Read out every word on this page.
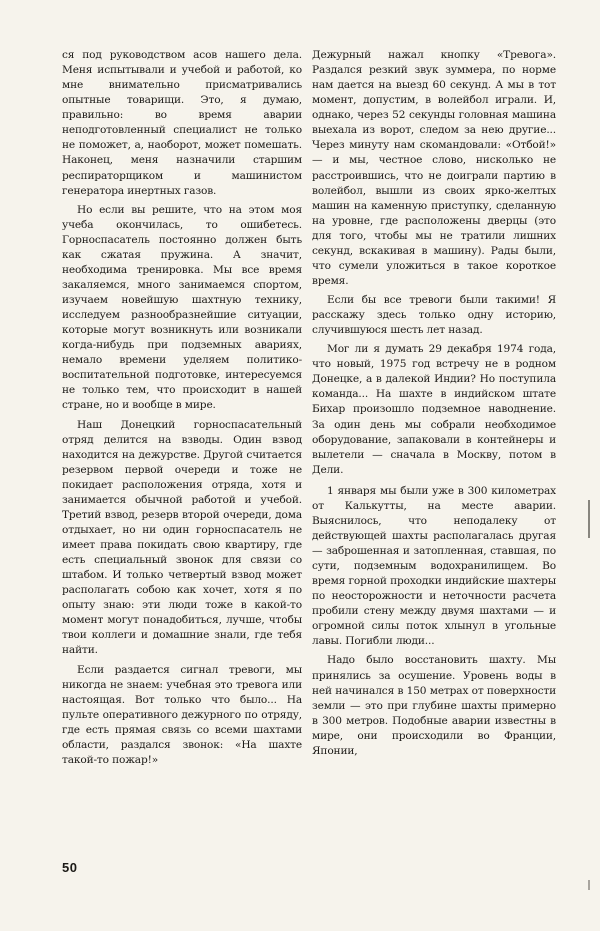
ся под руководством асов нашего дела. Меня испытывали и учебой и работой, ко мне внимательно присматривались опытные товарищи. Это, я думаю, правильно: во время аварии неподготовленный специалист не только не поможет, а, наоборот, может помешать. Наконец, меня назначили старшим респираторщиком и машинистом генератора инертных газов.

Но если вы решите, что на этом моя учеба окончилась, то ошибетесь. Горноспасатель постоянно должен быть как сжатая пружина. А значит, необходима тренировка. Мы все время закаляемся, много занимаемся спортом, изучаем новейшую шахтную технику, исследуем разнообразнейшие ситуации, которые могут возникнуть или возникали когда-нибудь при подземных авариях, немало времени уделяем политико-воспитательной подготовке, интересуемся не только тем, что происходит в нашей стране, но и вообще в мире.

Наш Донецкий горноспасательный отряд делится на взводы. Один взвод находится на дежурстве. Другой считается резервом первой очереди и тоже не покидает расположения отряда, хотя и занимается обычной работой и учебой. Третий взвод, резерв второй очереди, дома отдыхает, но ни один горноспасатель не имеет права покидать свою квартиру, где есть специальный звонок для связи со штабом. И только четвертый взвод может располагать собою как хочет, хотя я по опыту знаю: эти люди тоже в какой-то момент могут понадобиться, лучше, чтобы твои коллеги и домашние знали, где тебя найти.

Если раздается сигнал тревоги, мы никогда не знаем: учебная это тревога или настоящая. Вот только что было... На пульте оперативного дежурного по отряду, где есть прямая связь со всеми шахтами области, раздался звонок: «На шахте такой-то пожар!»

Дежурный нажал кнопку «Тревога». Раздался резкий звук зуммера, по норме нам дается на выезд 60 секунд. А мы в тот момент, допустим, в волейбол играли. И, однако, через 52 секунды головная машина выехала из ворот, следом за нею другие... Через минуту нам скомандовали: «Отбой!» — и мы, честное слово, нисколько не расстроившись, что не доиграли партию в волейбол, вышли из своих ярко-желтых машин на каменную приступку, сделанную на уровне, где расположены дверцы (это для того, чтобы мы не тратили лишних секунд, вскакивая в машину). Рады были, что сумели уложиться в такое короткое время.

Если бы все тревоги были такими! Я расскажу здесь только одну историю, случившуюся шесть лет назад.

Мог ли я думать 29 декабря 1974 года, что новый, 1975 год встречу не в родном Донецке, а в далекой Индии? Но поступила команда... На шахте в индийском штате Бихар произошло подземное наводнение. За один день мы собрали необходимое оборудование, запаковали в контейнеры и вылетели — сначала в Москву, потом в Дели.

1 января мы были уже в 300 километрах от Калькутты, на месте аварии. Выяснилось, что неподалеку от действующей шахты располагалась другая — заброшенная и затопленная, ставшая, по сути, подземным водохранилищем. Во время горной проходки индийские шахтеры по неосторожности и неточности расчета пробили стену между двумя шахтами — и огромной силы поток хлынул в угольные лавы. Погибли люди...

Надо было восстановить шахту. Мы принялись за осушение. Уровень воды в ней начинался в 150 метрах от поверхности земли — это при глубине шахты примерно в 300 метров. Подобные аварии известны в мире, они происходили во Франции, Японии,

50
